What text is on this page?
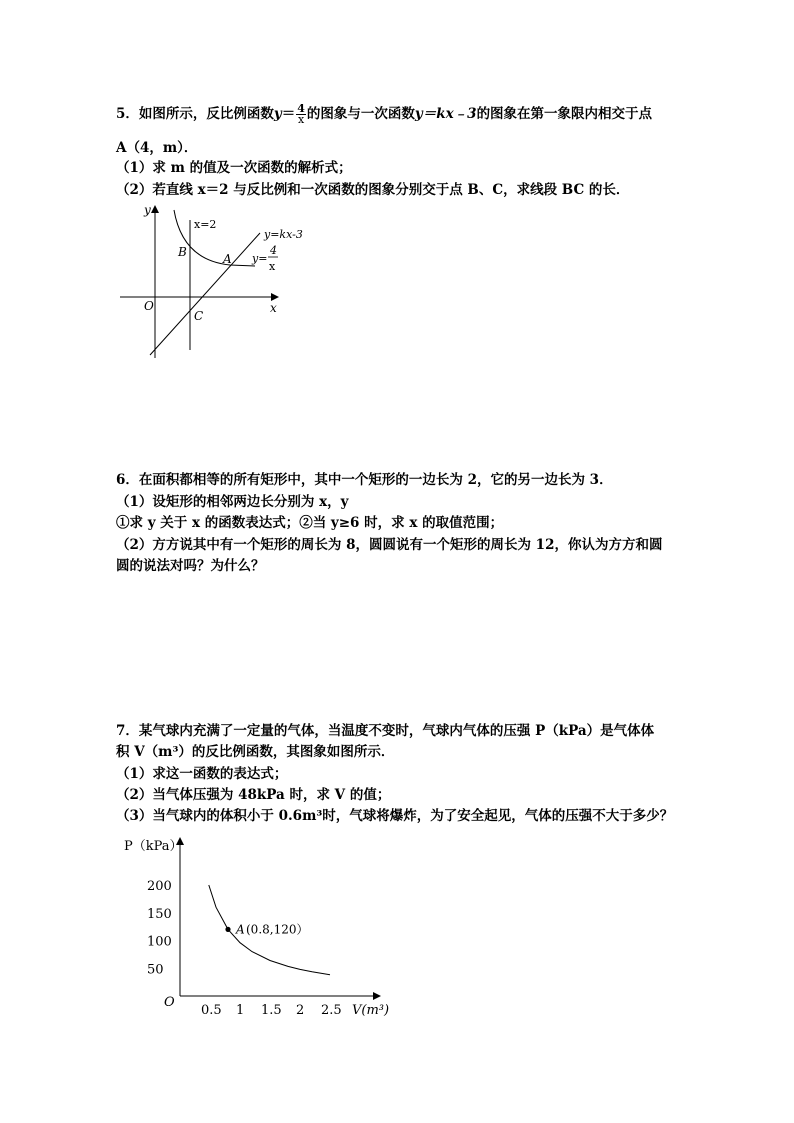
5．如图所示，反比例函数$y= \frac{4}{x}$ 的图象与一次函数y＝kx﹣3的图象在第一象限内相交于点
A（4，m）．
（1）求 m 的值及一次函数的解析式；
（2）若直线 x＝2 与反比例和一次函数的图象分别交于点 B、C，求线段 BC 的长．
y
x
O
x=2
y=kx-3
y=
4
x
A
B
C
6．在面积都相等的所有矩形中，其中一个矩形的一边长为 2，它的另一边长为 3．
（1）设矩形的相邻两边长分别为 x，y
①求 y 关于 x 的函数表达式；②当 y≥6 时，求 x 的取值范围；
（2）方方说其中有一个矩形的周长为 8，圆圆说有一个矩形的周长为 12，你认为方方和圆
圆的说法对吗？为什么？
7．某气球内充满了一定量的气体，当温度不变时，气球内气体的压强 P（kPa）是气体体
积 V（m³）的反比例函数，其图象如图所示．
（1）求这一函数的表达式；
（2）当气体压强为 48kPa 时，求 V 的值；
（3）当气球内的体积小于 0.6m³时，气球将爆炸，为了安全起见，气体的压强不大于多少？
P（kPa）
V(m³)
O
0.5 1 1.5 2 2.5
200
150
100
50
A (0.8,120）
